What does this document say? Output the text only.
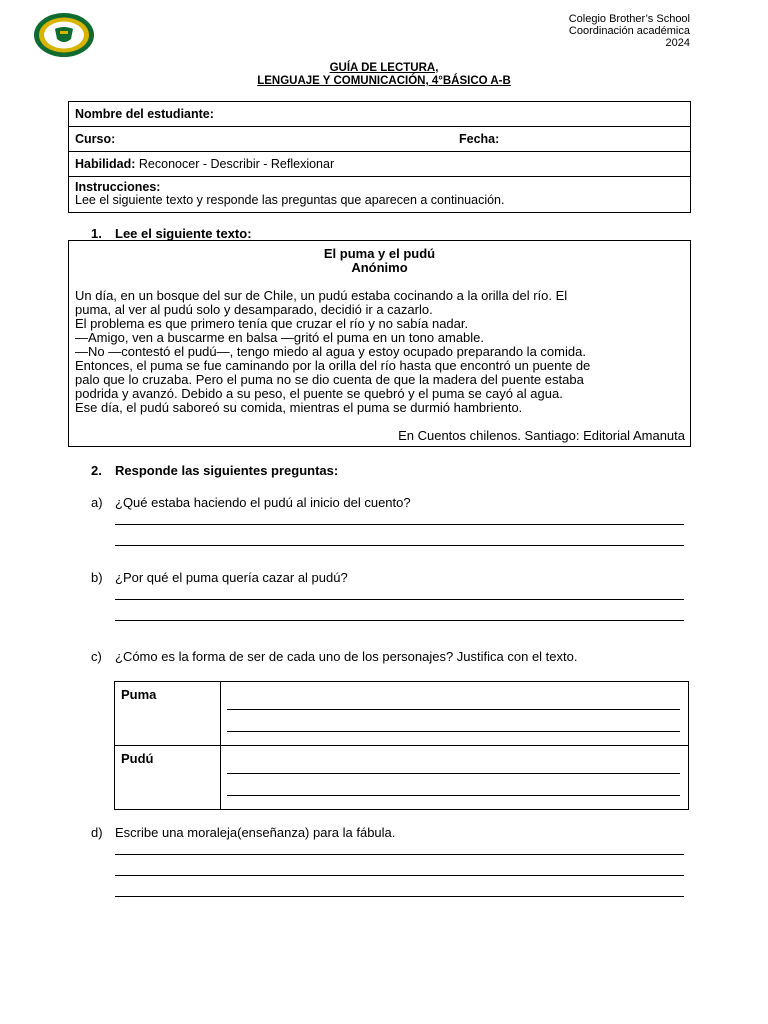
Colegio Brother’s School
Coordinación académica
2024
GUÍA DE LECTURA,
LENGUAJE Y COMUNICACIÓN, 4°BÁSICO A-B
Nombre del estudiante:
Curso:	Fecha:
Habilidad: Reconocer - Describir - Reflexionar

Instrucciones:
Lee el siguiente texto y responde las preguntas que aparecen a continuación.
1. Lee el siguiente texto:
El puma y el pudú
Anónimo

Un día, en un bosque del sur de Chile, un pudú estaba cocinando a la orilla del río. El

puma, al ver al pudú solo y desamparado, decidió ir a cazarlo.

El problema es que primero tenía que cruzar el río y no sabía nadar.

—Amigo, ven a buscarme en balsa —gritó el puma en un tono amable.

—No —contestó el pudú—, tengo miedo al agua y estoy ocupado preparando la comida.

Entonces, el puma se fue caminando por la orilla del río hasta que encontró un puente de

palo que lo cruzaba. Pero el puma no se dio cuenta de que la madera del puente estaba

podrida y avanzó. Debido a su peso, el puente se quebró y el puma se cayó al agua.

Ese día, el pudú saboreó su comida, mientras el puma se durmió hambriento.

En Cuentos chilenos. Santiago: Editorial Amanuta
2. Responde las siguientes preguntas:
a) ¿Qué estaba haciendo el pudú al inicio del cuento?
b) ¿Por qué el puma quería cazar al pudú?
c) ¿Cómo es la forma de ser de cada uno de los personajes? Justifica con el texto.
Puma	

Pudú	
d) Escribe una moraleja(enseñanza) para la fábula.
